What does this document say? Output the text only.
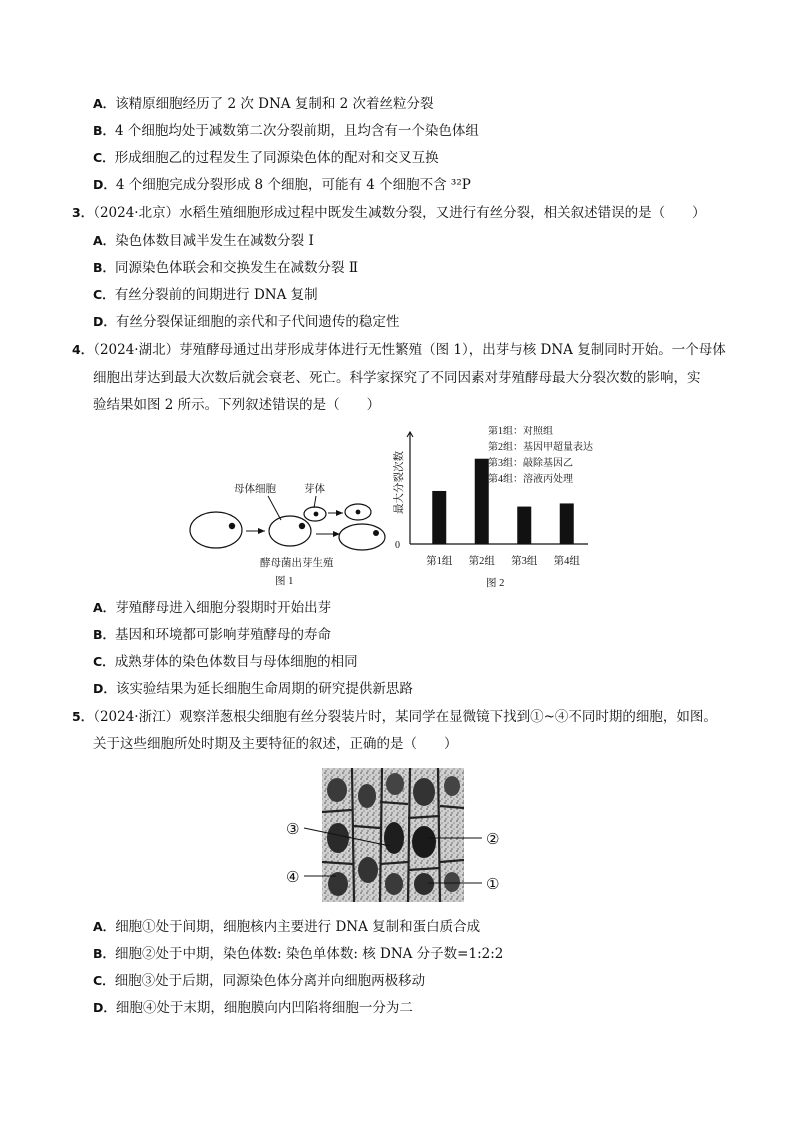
A．该精原细胞经历了 2 次 DNA 复制和 2 次着丝粒分裂
B．4 个细胞均处于减数第二次分裂前期，且均含有一个染色体组
C．形成细胞乙的过程发生了同源染色体的配对和交叉互换
D．4 个细胞完成分裂形成 8 个细胞，可能有 4 个细胞不含 ³²P
3．（2024·北京）水稻生殖细胞形成过程中既发生减数分裂，又进行有丝分裂，相关叙述错误的是（　　）
A．染色体数目减半发生在减数分裂 Ⅰ
B．同源染色体联会和交换发生在减数分裂 Ⅱ
C．有丝分裂前的间期进行 DNA 复制
D．有丝分裂保证细胞的亲代和子代间遗传的稳定性
4．（2024·湖北）芽殖酵母通过出芽形成芽体进行无性繁殖（图 1），出芽与核 DNA 复制同时开始。一个母体
细胞出芽达到最大次数后就会衰老、死亡。科学家探究了不同因素对芽殖酵母最大分裂次数的影响，实
验结果如图 2 所示。下列叙述错误的是（　　）
母体细胞	芽体
酵母菌出芽生殖
图 1
0
最大分裂次数
第1组 第2组 第3组 第4组
第1组：对照组
第2组：基因甲超量表达
第3组：敲除基因乙
第4组：溶液丙处理
图 2
A．芽殖酵母进入细胞分裂期时开始出芽
B．基因和环境都可影响芽殖酵母的寿命
C．成熟芽体的染色体数目与母体细胞的相同
D．该实验结果为延长细胞生命周期的研究提供新思路
5．（2024·浙江）观察洋葱根尖细胞有丝分裂装片时，某同学在显微镜下找到①~④不同时期的细胞，如图。
关于这些细胞所处时期及主要特征的叙述，正确的是（　　）
③
④
②
①
A．细胞①处于间期，细胞核内主要进行 DNA 复制和蛋白质合成
B．细胞②处于中期，染色体数: 染色单体数: 核 DNA 分子数=1:2:2
C．细胞③处于后期，同源染色体分离并向细胞两极移动
D．细胞④处于末期，细胞膜向内凹陷将细胞一分为二
